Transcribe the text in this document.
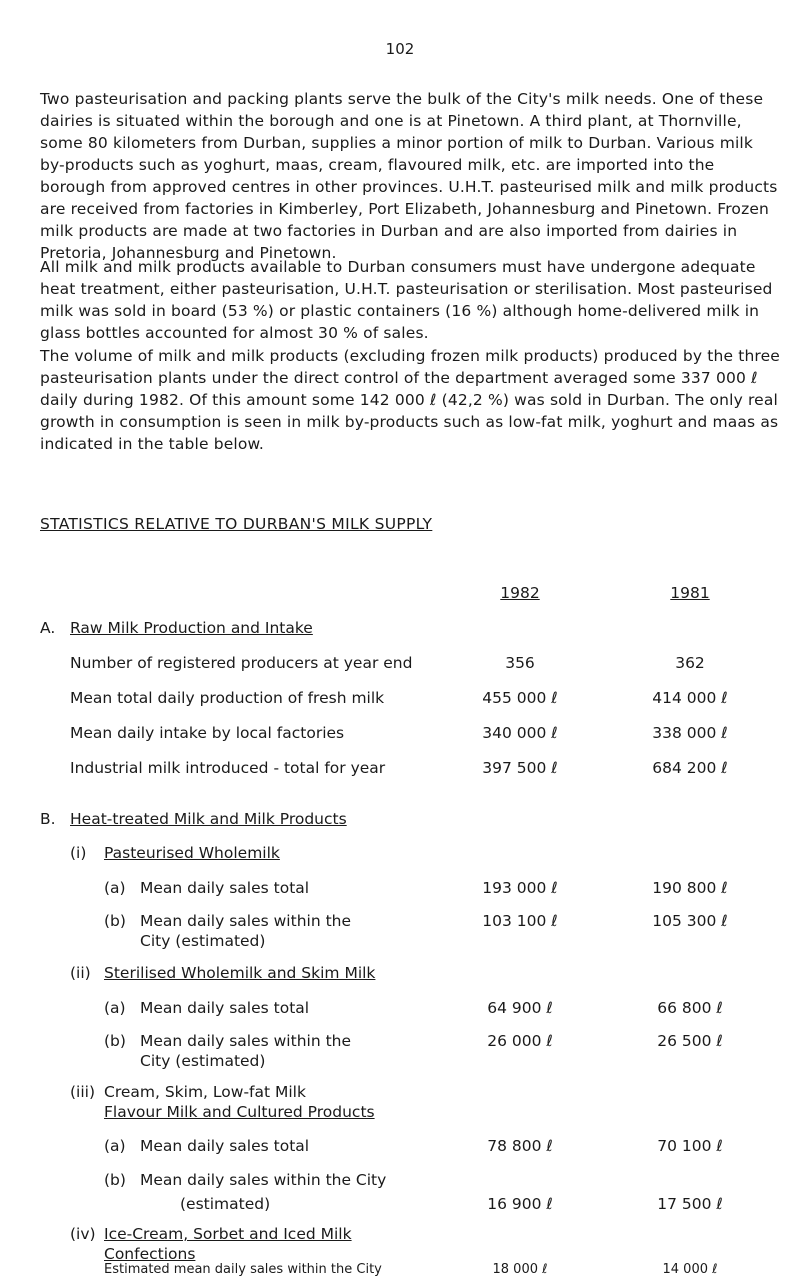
102

Two pasteurisation and packing plants serve the bulk of the City's milk needs. One of these dairies is situated within the borough and one is at Pinetown. A third plant, at Thornville, some 80 kilometers from Durban, supplies a minor portion of milk to Durban. Various milk by-products such as yoghurt, maas, cream, flavoured milk, etc. are imported into the borough from approved centres in other provinces. U.H.T. pasteurised milk and milk products are received from factories in Kimberley, Port Elizabeth, Johannesburg and Pinetown. Frozen milk products are made at two factories in Durban and are also imported from dairies in Pretoria, Johannesburg and Pinetown.

All milk and milk products available to Durban consumers must have undergone adequate heat treatment, either pasteurisation, U.H.T. pasteurisation or sterilisation. Most pasteurised milk was sold in board (53 %) or plastic containers (16 %) although home-delivered milk in glass bottles accounted for almost 30 % of sales.

The volume of milk and milk products (excluding frozen milk products) produced by the three pasteurisation plants under the direct control of the department averaged some 337 000 ℓ daily during 1982. Of this amount some 142 000 ℓ (42,2 %) was sold in Durban. The only real growth in consumption is seen in milk by-products such as low-fat milk, yoghurt and maas as indicated in the table below.

STATISTICS RELATIVE TO DURBAN'S MILK SUPPLY
1982	1981
A. Raw Milk Production and Intake
Number of registered producers at year end	356	362
Mean total daily production of fresh milk	455 000 ℓ	414 000 ℓ
Mean daily intake by local factories	340 000 ℓ	338 000 ℓ
Industrial milk introduced - total for year	397 500 ℓ	684 200 ℓ
B. Heat-treated Milk and Milk Products
(i) Pasteurised Wholemilk
(a) Mean daily sales total	193 000 ℓ	190 800 ℓ
(b) Mean daily sales within the
City (estimated)
103 100 ℓ	105 300 ℓ
(ii) Sterilised Wholemilk and Skim Milk
(a) Mean daily sales total	64 900 ℓ	66 800 ℓ
(b) Mean daily sales within the
City (estimated)
26 000 ℓ	26 500 ℓ
(iii) Cream, Skim, Low-fat Milk
Flavour Milk and Cultured Products
(a) Mean daily sales total	78 800 ℓ	70 100 ℓ
(b) Mean daily sales within the City
(estimated)	16 900 ℓ	17 500 ℓ
(iv) Ice-Cream, Sorbet and Iced Milk
Confections
Estimated mean daily sales within the City	18 000 ℓ	14 000 ℓ
